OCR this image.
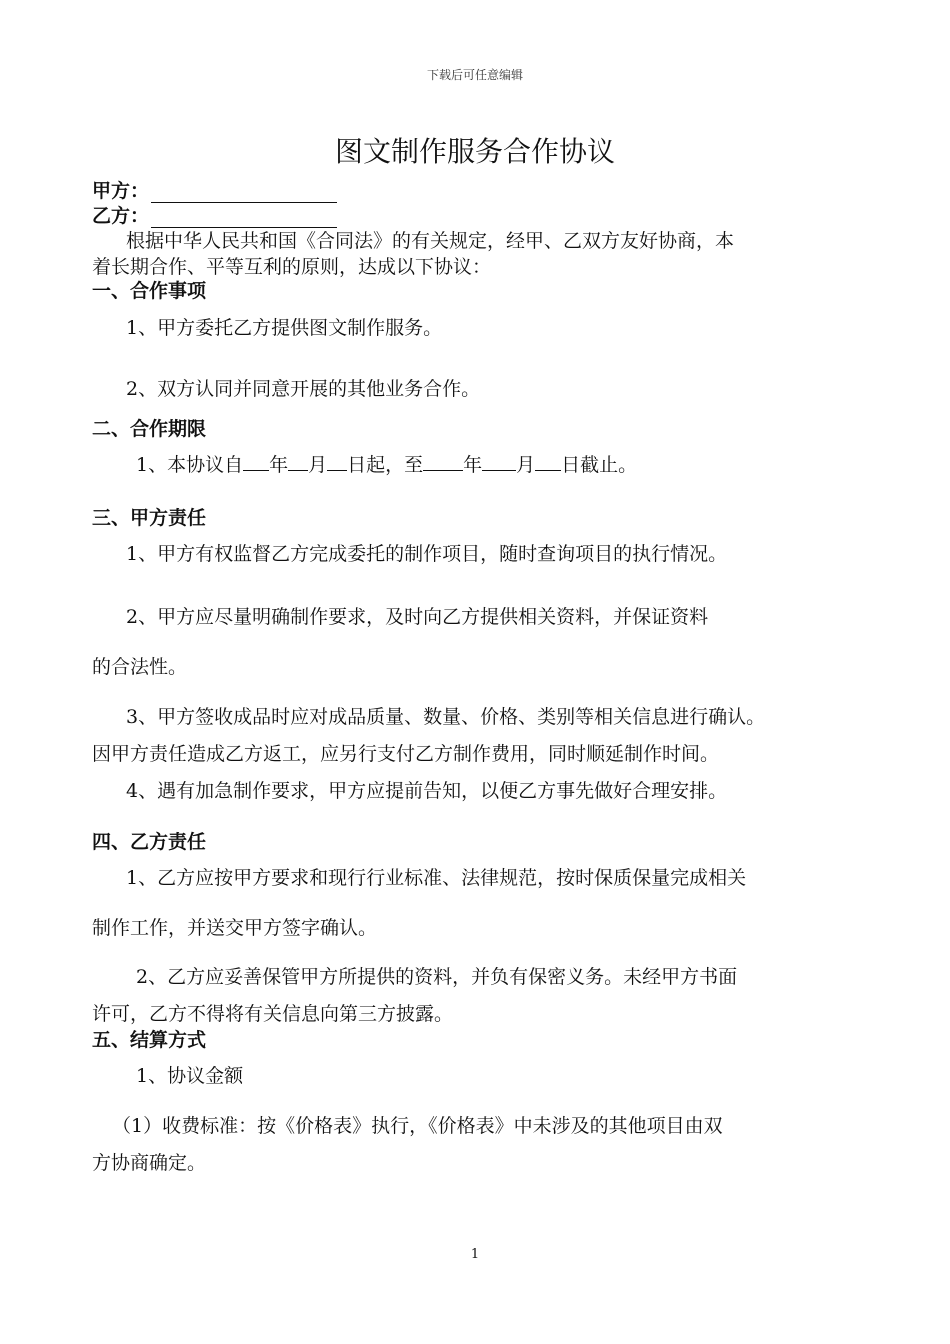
下载后可任意编辑
图文制作服务合作协议
甲方：
乙方：
根据中华人民共和国《合同法》的有关规定，经甲、乙双方友好协商，本
着长期合作、平等互利的原则，达成以下协议：
一、合作事项
1、甲方委托乙方提供图文制作服务。
2、双方认同并同意开展的其他业务合作。
二、合作期限
1、本协议自 年 月 日起，至 年 月 日截止。
三、甲方责任
1、甲方有权监督乙方完成委托的制作项目，随时查询项目的执行情况。
2、甲方应尽量明确制作要求，及时向乙方提供相关资料，并保证资料
的合法性。
3、甲方签收成品时应对成品质量、数量、价格、类别等相关信息进行确认。
因甲方责任造成乙方返工，应另行支付乙方制作费用，同时顺延制作时间。
4、遇有加急制作要求，甲方应提前告知，以便乙方事先做好合理安排。
四、乙方责任
1、乙方应按甲方要求和现行行业标准、法律规范，按时保质保量完成相关
制作工作，并送交甲方签字确认。
2、乙方应妥善保管甲方所提供的资料，并负有保密义务。未经甲方书面
许可，乙方不得将有关信息向第三方披露。
五、结算方式
1、协议金额
（1）收费标准：按《价格表》执行，《价格表》中未涉及的其他项目由双
方协商确定。
1
